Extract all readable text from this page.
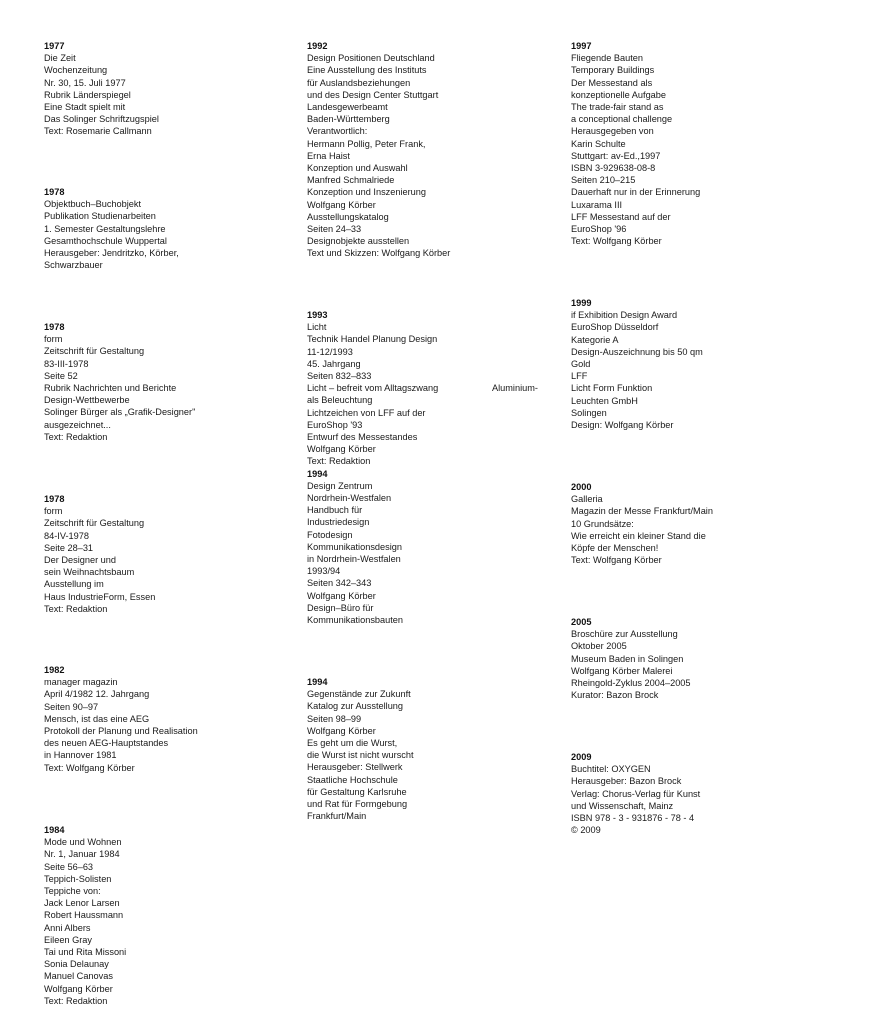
1977
Die Zeit
Wochenzeitung
Nr. 30, 15. Juli 1977
Rubrik Länderspiegel
Eine Stadt spielt mit
Das Solinger Schriftzugspiel
Text: Rosemarie Callmann
1978
Objektbuch–Buchobjekt
Publikation Studienarbeiten
1. Semester Gestaltungslehre
Gesamthochschule Wuppertal
Herausgeber: Jendritzko, Körber,
Schwarzbauer
1978
form
Zeitschrift für Gestaltung
83-III-1978
Seite 52
Rubrik Nachrichten und Berichte
Design-Wettbewerbe
Solinger Bürger als „Grafik-Designer"
ausgezeichnet...
Text: Redaktion
1978
form
Zeitschrift für Gestaltung
84-IV-1978
Seite 28–31
Der Designer und
sein Weihnachtsbaum
Ausstellung im
Haus IndustrieForm, Essen
Text: Redaktion
1982
manager magazin
April 4/1982 12. Jahrgang
Seiten 90–97
Mensch, ist das eine AEG
Protokoll der Planung und Realisation
des neuen AEG-Hauptstandes
in Hannover 1981
Text: Wolfgang Körber
1984
Mode und Wohnen
Nr. 1, Januar 1984
Seite 56–63
Teppich-Solisten
Teppiche von:
Jack Lenor Larsen
Robert Haussmann
Anni Albers
Eileen Gray
Tai und Rita Missoni
Sonia Delaunay
Manuel Canovas
Wolfgang Körber
Text: Redaktion
1992
Design Positionen Deutschland
Eine Ausstellung des Instituts
für Auslandsbeziehungen
und des Design Center Stuttgart
Landesgewerbeamt
Baden-Württemberg
Verantwortlich:
Hermann Pollig, Peter Frank,
Erna Haist
Konzeption und Auswahl
Manfred Schmalriede
Konzeption und Inszenierung
Wolfgang Körber
Ausstellungskatalog
Seiten 24–33
Designobjekte ausstellen
Text und Skizzen: Wolfgang Körber
1993
Licht
Technik Handel Planung Design
11-12/1993
45. Jahrgang
Seiten 832–833
Licht – befreit vom Alltagszwang
als Beleuchtung
Lichtzeichen von LFF auf der
EuroShop '93
Entwurf des Messestandes
Wolfgang Körber
Text: Redaktion
1994
Design Zentrum
Nordrhein-Westfalen
Handbuch für
Industriedesign
Fotodesign
Kommunikationsdesign
in Nordrhein-Westfalen
1993/94
Seiten 342–343
Wolfgang Körber
Design–Büro für
Kommunikationsbauten
1994
Gegenstände zur Zukunft
Katalog zur Ausstellung
Seiten 98–99
Wolfgang Körber
Es geht um die Wurst,
die Wurst ist nicht wurscht
Herausgeber: Stellwerk
Staatliche Hochschule
für Gestaltung Karlsruhe
und Rat für Formgebung
Frankfurt/Main
1997
Fliegende Bauten
Temporary Buildings
Der Messestand als
konzeptionelle Aufgabe
The trade-fair stand as
a conceptional challenge
Herausgegeben von
Karin Schulte
Stuttgart: av-Ed.,1997
ISBN 3-929638-08-8
Seiten 210–215
Dauerhaft nur in der Erinnerung
Luxarama III
LFF Messestand auf der
EuroShop '96
Text: Wolfgang Körber
1999
if Exhibition Design Award
EuroShop Düsseldorf
Kategorie A
Design-Auszeichnung bis 50 qm
Gold
LFF
Licht Form Funktion
Leuchten GmbH
Solingen
Design: Wolfgang Körber
2000
Galleria
Magazin der Messe Frankfurt/Main
10 Grundsätze:
Wie erreicht ein kleiner Stand die
Köpfe der Menschen!
Text: Wolfgang Körber
2005
Broschüre zur Ausstellung
Oktober 2005
Museum Baden in Solingen
Wolfgang Körber Malerei
Rheingold-Zyklus 2004–2005
Kurator: Bazon Brock
2009
Buchtitel: OXYGEN
Herausgeber: Bazon Brock
Verlag: Chorus-Verlag für Kunst
und Wissenschaft, Mainz
ISBN 978 - 3 - 931876 - 78 - 4
© 2009
Aluminium-
